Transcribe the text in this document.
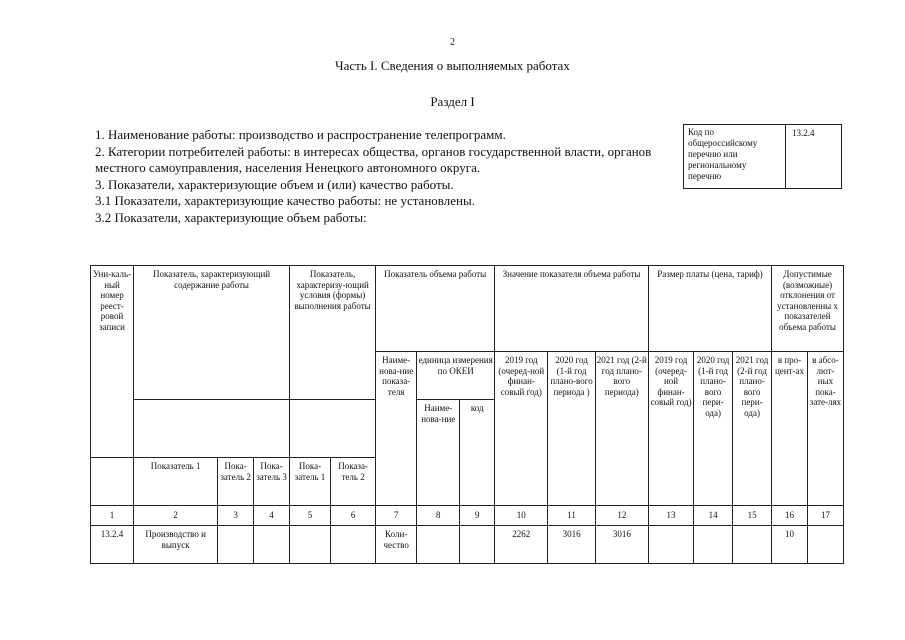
2
Часть I. Сведения о выполняемых работах
Раздел I
1. Наименование работы: производство и распространение телепрограмм.
2. Категории потребителей работы: в интересах общества, органов государственной власти, органов местного самоуправления, населения Ненецкого автономного округа.
3. Показатели, характеризующие объем и (или) качество работы.
3.1 Показатели, характеризующие качество работы: не установлены.
3.2 Показатели, характеризующие объем работы:
Код по общероссийскому перечню или региональному перечню
13.2.4
Уни-каль-ный номер реест-ровой записи	Показатель, характеризующий содержание работы			Показатель, характеризу-ющий условия (формы) выполнения работы		Показатель объема работы			Значение показателя объема работы			Размер платы (цена, тариф)			Допустимые (возможные) отклонения от установленны х показателей объема работы	
						Наиме-нова-ние показа-теля	единица измерения по ОКЕИ		2019 год (очеред-ной финан-совый год)	2020 год (1-й год плано-вого периода )	2021 год (2-й год плано-вого периода)	2019 год (очеред-ной финан-совый год)	2020 год (1-й год плано-вого пери-ода)	2021 год (2-й год плано-вого пери-ода)	в про-цент-ах	в абсо-лют-ных пока-зате-лях
							Наиме-нова-ние	код								
	Показатель 1	Пока-затель 2	Пока-затель 3	Пока-затель 1	Показа-тель 2											
1	2	3	4	5	6	7	8	9	10	11	12	13	14	15	16	17
13.2.4	Производство и выпуск					Коли-чество			2262	3016	3016				10	
